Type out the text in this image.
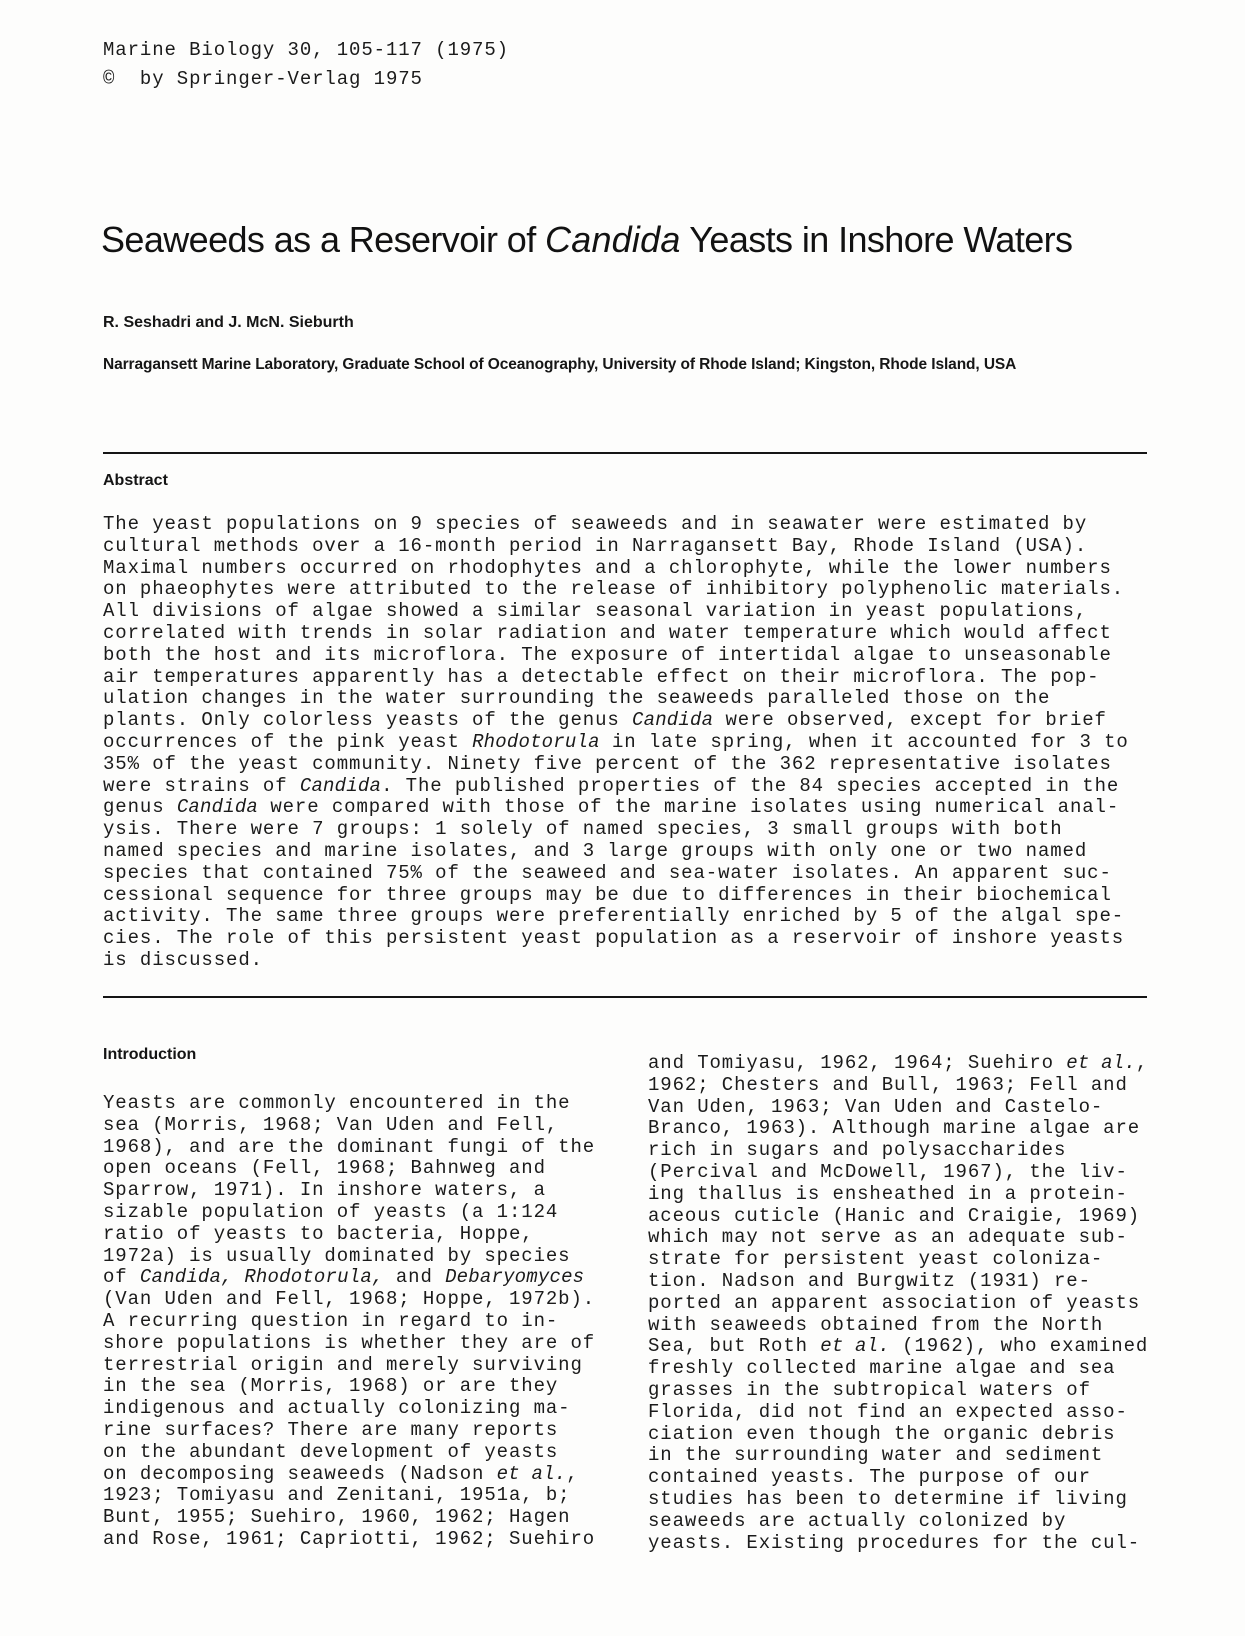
Marine Biology 30, 105-117 (1975)
©  by Springer-Verlag 1975
Seaweeds as a Reservoir of Candida Yeasts in Inshore Waters
R. Seshadri and J. McN. Sieburth
Narragansett Marine Laboratory, Graduate School of Oceanography, University of Rhode Island; Kingston, Rhode Island, USA
Abstract
The yeast populations on 9 species of seaweeds and in seawater were estimated by
cultural methods over a 16-month period in Narragansett Bay, Rhode Island (USA).
Maximal numbers occurred on rhodophytes and a chlorophyte, while the lower numbers
on phaeophytes were attributed to the release of inhibitory polyphenolic materials.
All divisions of algae showed a similar seasonal variation in yeast populations,
correlated with trends in solar radiation and water temperature which would affect
both the host and its microflora. The exposure of intertidal algae to unseasonable
air temperatures apparently has a detectable effect on their microflora. The pop-
ulation changes in the water surrounding the seaweeds paralleled those on the
plants. Only colorless yeasts of the genus Candida were observed, except for brief
occurrences of the pink yeast Rhodotorula in late spring, when it accounted for 3 to
35% of the yeast community. Ninety five percent of the 362 representative isolates
were strains of Candida. The published properties of the 84 species accepted in the
genus Candida were compared with those of the marine isolates using numerical anal-
ysis. There were 7 groups: 1 solely of named species, 3 small groups with both
named species and marine isolates, and 3 large groups with only one or two named
species that contained 75% of the seaweed and sea-water isolates. An apparent suc-
cessional sequence for three groups may be due to differences in their biochemical
activity. The same three groups were preferentially enriched by 5 of the algal spe-
cies. The role of this persistent yeast population as a reservoir of inshore yeasts
is discussed.
Introduction
Yeasts are commonly encountered in the
sea (Morris, 1968; Van Uden and Fell,
1968), and are the dominant fungi of the
open oceans (Fell, 1968; Bahnweg and
Sparrow, 1971). In inshore waters, a
sizable population of yeasts (a 1:124
ratio of yeasts to bacteria, Hoppe,
1972a) is usually dominated by species
of Candida, Rhodotorula, and Debaryomyces
(Van Uden and Fell, 1968; Hoppe, 1972b).
A recurring question in regard to in-
shore populations is whether they are of
terrestrial origin and merely surviving
in the sea (Morris, 1968) or are they
indigenous and actually colonizing ma-
rine surfaces? There are many reports
on the abundant development of yeasts
on decomposing seaweeds (Nadson et al.,
1923; Tomiyasu and Zenitani, 1951a, b;
Bunt, 1955; Suehiro, 1960, 1962; Hagen
and Rose, 1961; Capriotti, 1962; Suehiro
and Tomiyasu, 1962, 1964; Suehiro et al.,
1962; Chesters and Bull, 1963; Fell and
Van Uden, 1963; Van Uden and Castelo-
Branco, 1963). Although marine algae are
rich in sugars and polysaccharides
(Percival and McDowell, 1967), the liv-
ing thallus is ensheathed in a protein-
aceous cuticle (Hanic and Craigie, 1969)
which may not serve as an adequate sub-
strate for persistent yeast coloniza-
tion. Nadson and Burgwitz (1931) re-
ported an apparent association of yeasts
with seaweeds obtained from the North
Sea, but Roth et al. (1962), who examined
freshly collected marine algae and sea
grasses in the subtropical waters of
Florida, did not find an expected asso-
ciation even though the organic debris
in the surrounding water and sediment
contained yeasts. The purpose of our
studies has been to determine if living
seaweeds are actually colonized by
yeasts. Existing procedures for the cul-
